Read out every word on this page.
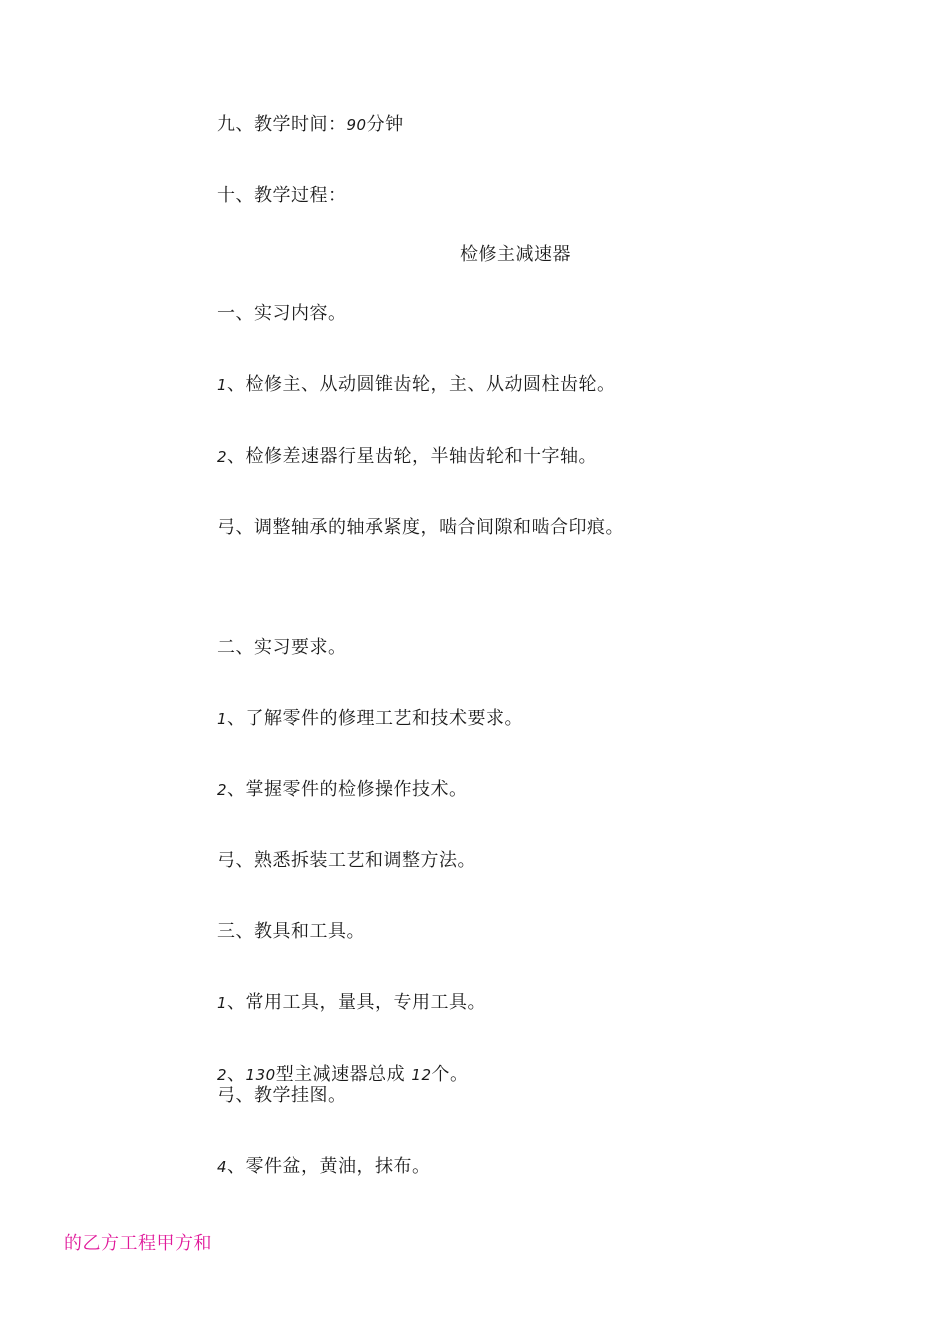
九、教学时间：90分钟
十、教学过程：
检修主减速器
一、实习内容。
1、检修主、从动圆锥齿轮，主、从动圆柱齿轮。
2、检修差速器行星齿轮，半轴齿轮和十字轴。
弓、调整轴承的轴承紧度，啮合间隙和啮合印痕。
二、实习要求。
1、了解零件的修理工艺和技术要求。
2、掌握零件的检修操作技术。
弓、熟悉拆装工艺和调整方法。
三、教具和工具。
1、常用工具，量具，专用工具。
2、130型主减速器总成 12个。
弓、教学挂图。
4、零件盆，黄油，抹布。
的乙方工程甲方和
